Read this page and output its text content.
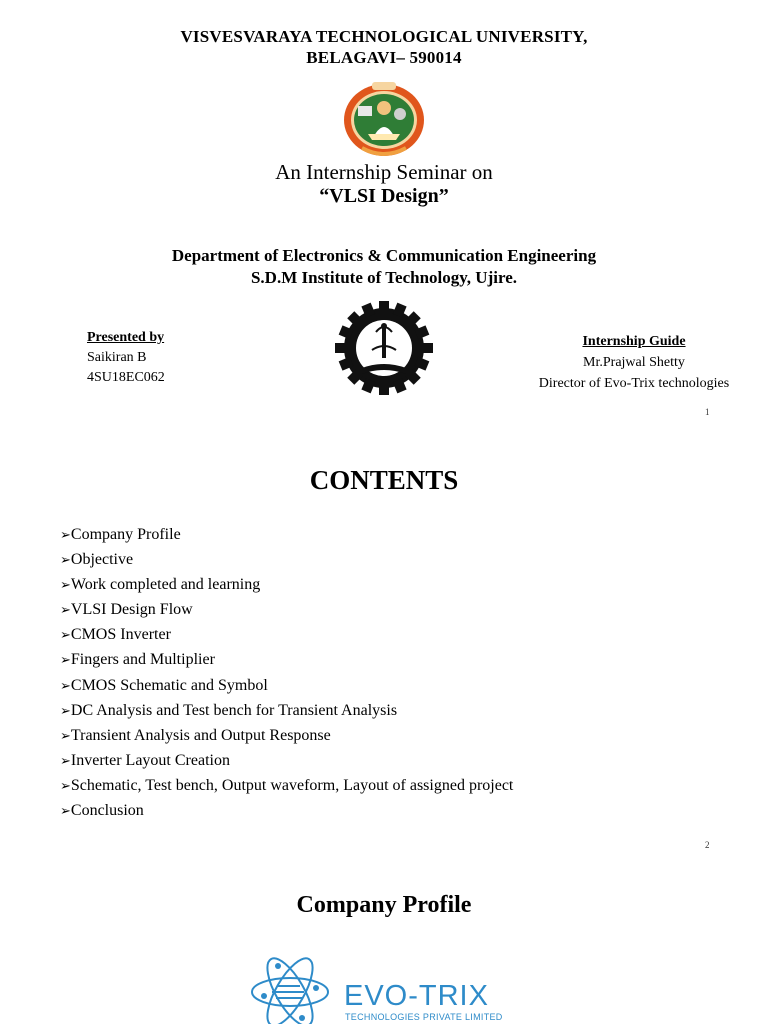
VISVESVARAYA TECHNOLOGICAL UNIVERSITY,
BELAGAVI– 590014
An Internship Seminar on
“VLSI Design”
Department of Electronics & Communication Engineering
S.D.M Institute of Technology, Ujire.
Presented by
Saikiran B
4SU18EC062
Internship Guide
Mr.Prajwal Shetty
Director of Evo-Trix technologies
1
CONTENTS
➢ Company Profile
➢ Objective
➢ Work completed and learning
➢ VLSI Design Flow
➢ CMOS Inverter
➢ Fingers and Multiplier
➢ CMOS Schematic and Symbol
➢ DC Analysis and Test bench for Transient Analysis
➢ Transient Analysis and Output Response
➢ Inverter Layout Creation
➢ Schematic, Test bench, Output waveform, Layout of assigned project
➢ Conclusion
2
Company Profile
EVO-TRIX
TECHNOLOGIES PRIVATE LIMITED
